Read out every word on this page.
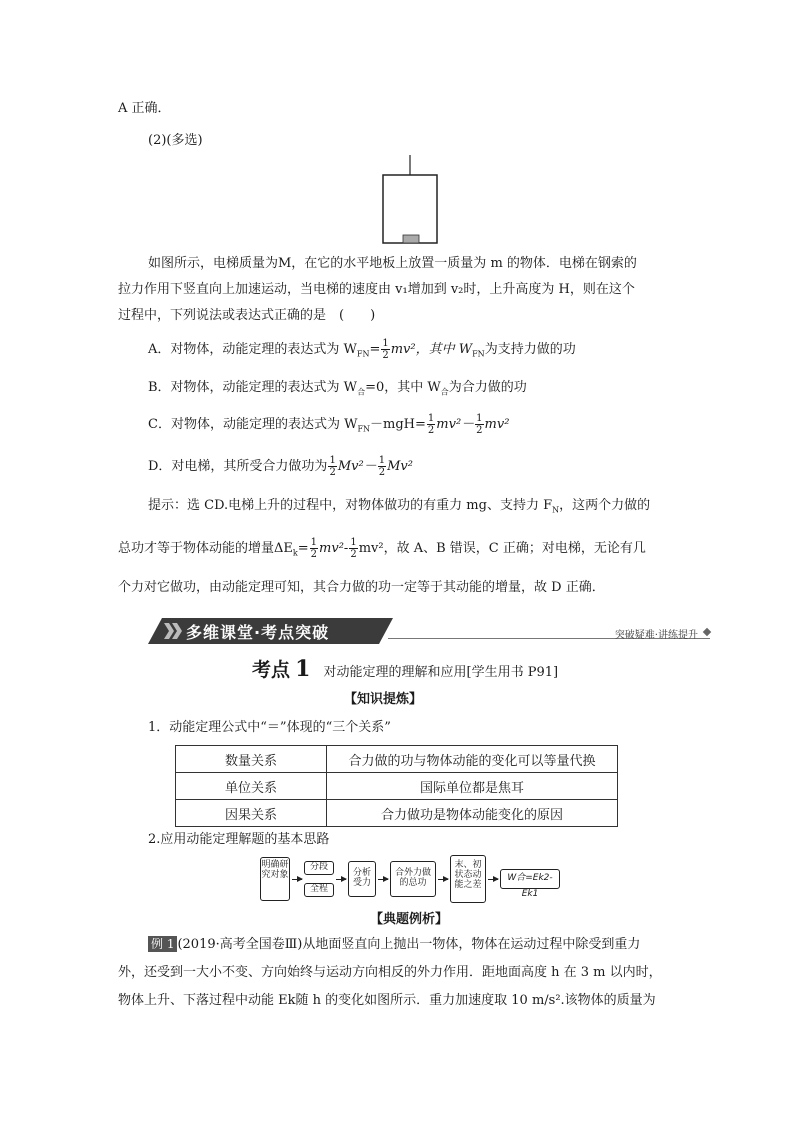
A 正确．
(2)(多选)
如图所示，电梯质量为M，在它的水平地板上放置一质量为 m 的物体．电梯在钢索的
拉力作用下竖直向上加速运动，当电梯的速度由 v₁增加到 v₂时，上升高度为 H，则在这个
过程中，下列说法或表达式正确的是　(　　)
A．对物体，动能定理的表达式为 $W_{FN}= \frac{1}{2} mv^2$，其中 $W_{FN}$为支持力做的功
B．对物体，动能定理的表达式为 $W_合=0$，其中 $W_合$为合力做的功
C．对物体，动能定理的表达式为 $W_{FN}-mgH= \frac{1}{2} mv^2- \frac{1}{2} mv^2$
D．对电梯，其所受合力做功为 $\frac{1}{2} Mv^2- \frac{1}{2} Mv^2$
提示：选 CD.电梯上升的过程中，对物体做功的有重力 mg、支持力 $F_N$，这两个力做的
总功才等于物体动能的增量$\Delta E_k= \frac{1}{2} mv^2- \frac{1}{2} mv^2$，故 A、B 错误，C 正确；对电梯，无论有几
个力对它做功，由动能定理可知，其合力做的功一定等于其动能的增量，故 D 正确．
多维课堂·考点突破	突破疑难·讲练提升
考点 1 对动能定理的理解和应用[学生用书 P91]
【知识提炼】
1．动能定理公式中“＝”体现的“三个关系”
数量关系	合力做的功与物体动能的变化可以等量代换
单位关系	国际单位都是焦耳
因果关系	合力做功是物体动能变化的原因
2.应用动能定理解题的基本思路
明确研究对象
分段
全程
分析受力
合外力做的总功
末、初状态动能之差
W合=Ek2-Ek1
【典题例析】
例 1 (2019·高考全国卷Ⅲ)从地面竖直向上抛出一物体，物体在运动过程中除受到重力
外，还受到一大小不变、方向始终与运动方向相反的外力作用．距地面高度 h 在 3 m 以内时，
物体上升、下落过程中动能 Ek随 h 的变化如图所示．重力加速度取 10 m/s².该物体的质量为
